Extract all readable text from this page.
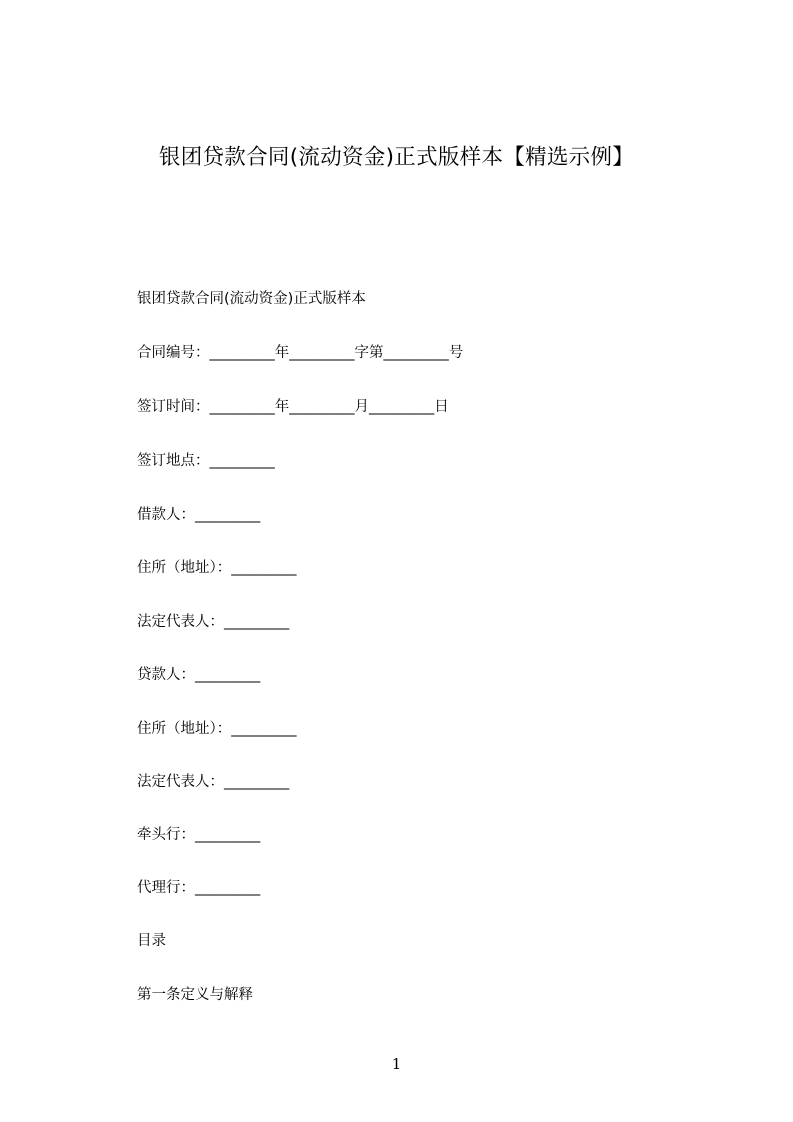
银团贷款合同(流动资金)正式版样本【精选示例】
银团贷款合同(流动资金)正式版样本
合同编号：_________年_________字第_________号
签订时间：_________年_________月_________日
签订地点：_________
借款人：_________
住所（地址）：_________
法定代表人：_________
贷款人：_________
住所（地址）：_________
法定代表人：_________
牵头行：_________
代理行：_________
目录
第一条定义与解释
1
